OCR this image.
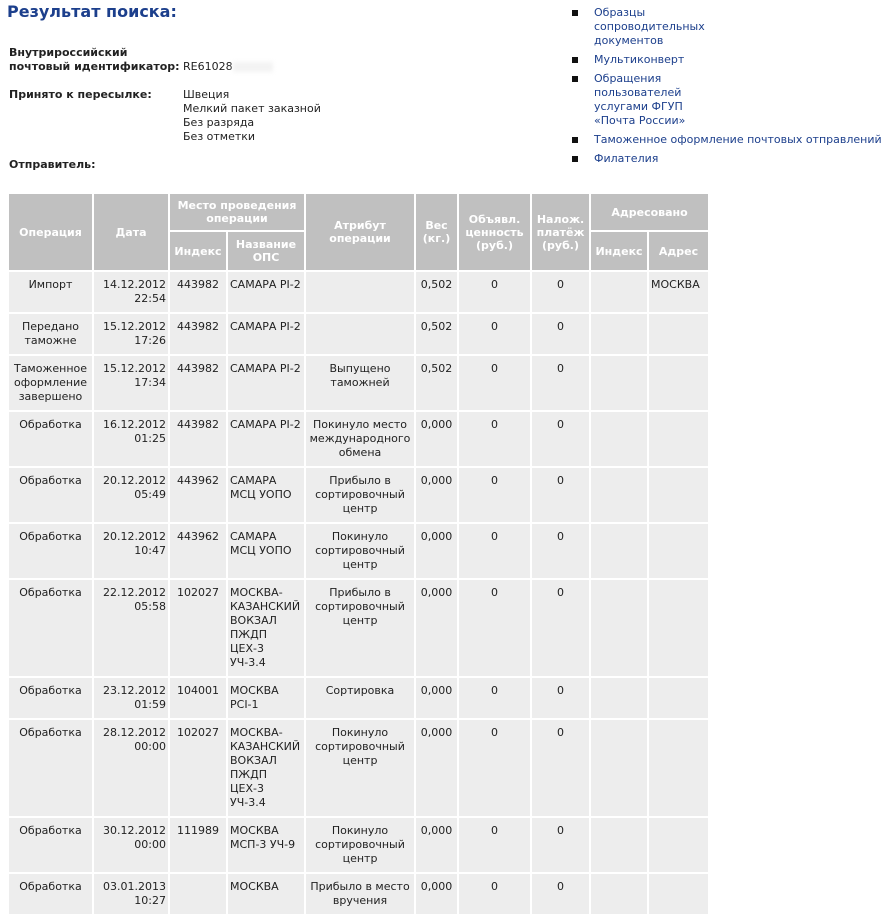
Результат поиска:
Внутрироссийский
почтовый идентификатор: RE61028
Принято к пересылке:	Швеция
Мелкий пакет заказной
Без разряда
Без отметки
Отправитель:
Образцы сопроводительных документов
Мультиконверт
Обращения пользователей услугами ФГУП «Почта России»
Таможенное оформление почтовых отправлений
Филателия
Операция	Дата	Место проведения операции		Атрибут операции	Вес (кг.)	Объявл. ценность (руб.)	Налож. платёж (руб.)	Адресовано	
		Индекс	Название ОПС					Индекс	Адрес
Импорт	14.12.2012 22:54	443982	САМАРА PI-2		0,502	0	0		МОСКВА
Передано таможне	15.12.2012 17:26	443982	САМАРА PI-2		0,502	0	0		
Таможенное оформление завершено	15.12.2012 17:34	443982	САМАРА PI-2	Выпущено таможней	0,502	0	0		
Обработка	16.12.2012 01:25	443982	САМАРА PI-2	Покинуло место международного обмена	0,000	0	0		
Обработка	20.12.2012 05:49	443962	САМАРА МСЦ УОПО	Прибыло в сортировочный центр	0,000	0	0		
Обработка	20.12.2012 10:47	443962	САМАРА МСЦ УОПО	Покинуло сортировочный центр	0,000	0	0		
Обработка	22.12.2012 05:58	102027	МОСКВА-КАЗАНСКИЙ ВОКЗАЛ ПЖДП ЦЕХ-3 УЧ-3.4	Прибыло в сортировочный центр	0,000	0	0		
Обработка	23.12.2012 01:59	104001	МОСКВА PCI-1	Сортировка	0,000	0	0		
Обработка	28.12.2012 00:00	102027	МОСКВА-КАЗАНСКИЙ ВОКЗАЛ ПЖДП ЦЕХ-3 УЧ-3.4	Покинуло сортировочный центр	0,000	0	0		
Обработка	30.12.2012 00:00	111989	МОСКВА МСП-3 УЧ-9	Покинуло сортировочный центр	0,000	0	0		
Обработка	03.01.2013 10:27		МОСКВА	Прибыло в место вручения	0,000	0	0		
